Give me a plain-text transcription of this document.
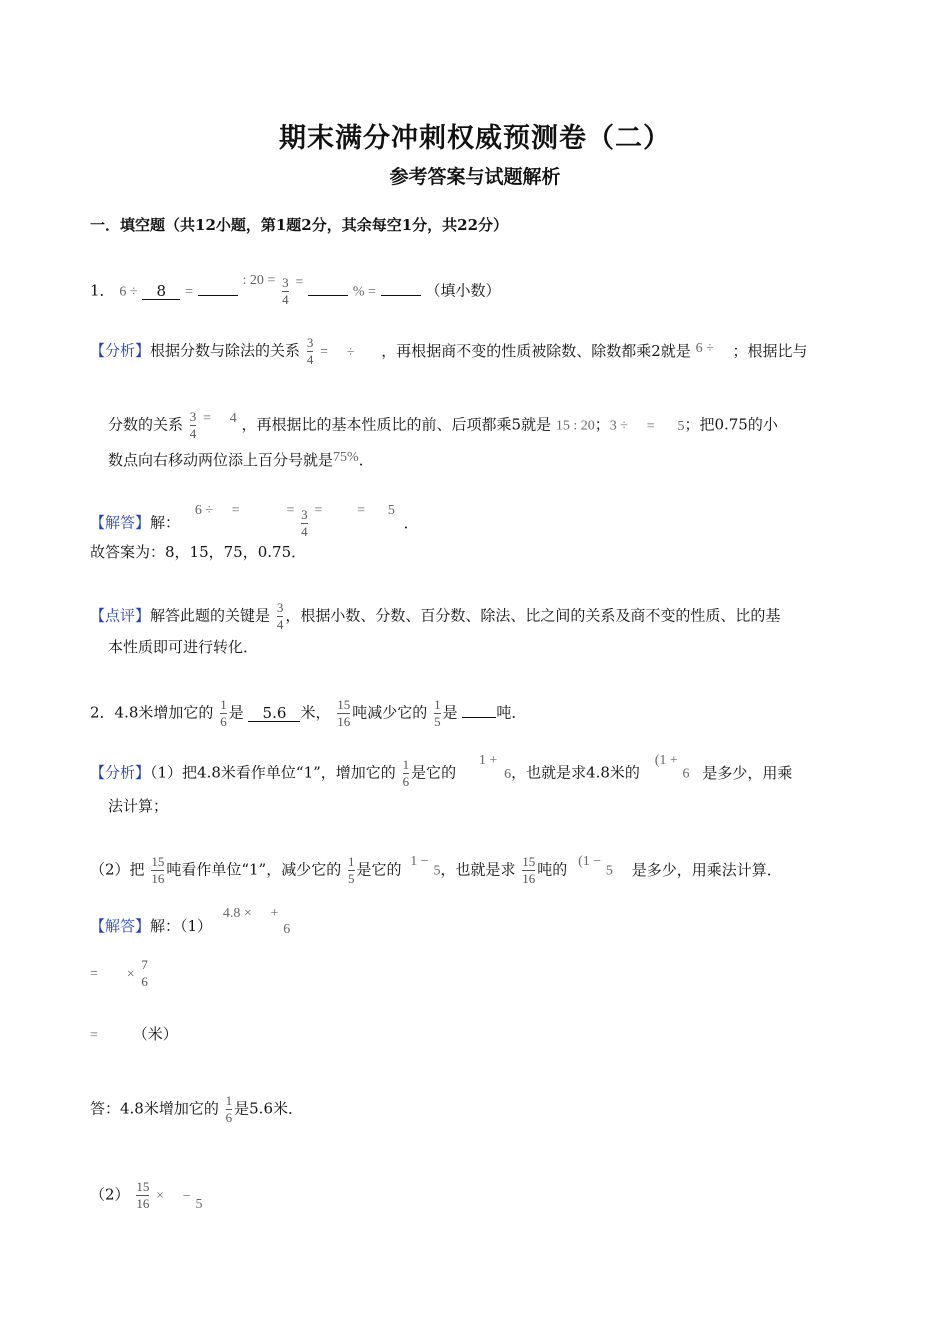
期末满分冲刺权威预测卷（二）
参考答案与试题解析
一．填空题（共12小题，第1题2分，其余每空1分，共22分）
1． 6 ÷ 8 =  : $20 = \frac{3}{4}$ =  % =	（填小数）
【分析】根据分数与除法的关系 $\frac{3}{4}$ = ÷ ，再根据商不变的性质被除数、除数都乘2就是 6 ÷ ；根据比与
分数的关系 $\frac{3}{4} = 4$ ，再根据比的基本性质比的前、后项都乘5就是 15 : 20；3 ÷ = 5；把0.75的小
数点向右移动两位添上百分号就是75%．
【解答】解： 6 ÷ =	= $\frac{3}{4}$ = = 5 ．
故答案为：8，15，75，0.75．
【点评】解答此题的关键是 $\frac{3}{4}$ ，根据小数、分数、百分数、除法、比之间的关系及商不变的性质、比的基
本性质即可进行转化．
2．4.8米增加它的 $\frac{1}{6}$ 是 5.6 米， $\frac{15}{16}$ 吨减少它的 $\frac{1}{5}$ 是	吨．
【分析】（1）把4.8米看作单位“1”，增加它的 $\frac{1}{6}$ 是它的 1 + 6，也就是求4.8米的 (1 + 6 是多少，用乘
法计算；
（2）把 $\frac{15}{16}$ 吨看作单位“1”，减少它的 $\frac{1}{5}$ 是它的 1 − 5，也就是求 $\frac{15}{16}$ 吨的 (1 − 5 是多少，用乘法计算．
【解答】解：（1） 4.8 × + 6
= ×
7
6
= （米）
答：4.8米增加它的 $\frac{1}{6}$ 是5.6米．
$(2) \frac{15}{16}$ × − 5
